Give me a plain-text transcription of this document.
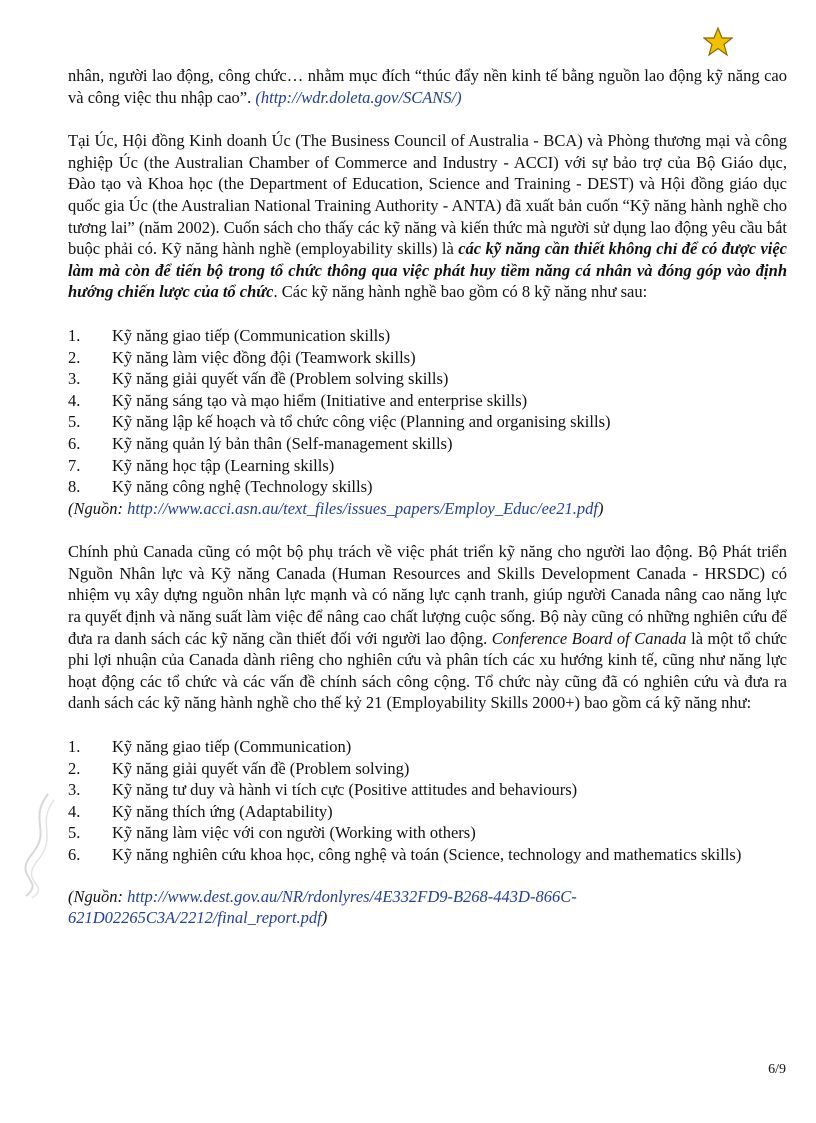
nhân, người lao động, công chức… nhằm mục đích “thúc đẩy nền kinh tế bằng nguồn lao động kỹ năng cao và công việc thu nhập cao”. (http://wdr.doleta.gov/SCANS/)

Tại Úc, Hội đồng Kinh doanh Úc (The Business Council of Australia - BCA) và Phòng thương mại và công nghiệp Úc (the Australian Chamber of Commerce and Industry - ACCI) với sự bảo trợ của Bộ Giáo dục, Đào tạo và Khoa học (the Department of Education, Science and Training - DEST) và Hội đồng giáo dục quốc gia Úc (the Australian National Training Authority - ANTA) đã xuất bản cuốn “Kỹ năng hành nghề cho tương lai” (năm 2002). Cuốn sách cho thấy các kỹ năng và kiến thức mà người sử dụng lao động yêu cầu bắt buộc phải có. Kỹ năng hành nghề (employability skills) là các kỹ năng cần thiết không chỉ để có được việc làm mà còn để tiến bộ trong tổ chức thông qua việc phát huy tiềm năng cá nhân và đóng góp vào định hướng chiến lược của tổ chức. Các kỹ năng hành nghề bao gồm có 8 kỹ năng như sau:

1.	Kỹ năng giao tiếp (Communication skills)
2.	Kỹ năng làm việc đồng đội (Teamwork skills)
3.	Kỹ năng giải quyết vấn đề (Problem solving skills)
4.	Kỹ năng sáng tạo và mạo hiểm (Initiative and enterprise skills)
5.	Kỹ năng lập kế hoạch và tổ chức công việc (Planning and organising skills)
6.	Kỹ năng quản lý bản thân (Self-management skills)
7.	Kỹ năng học tập (Learning skills)
8.	Kỹ năng công nghệ (Technology skills)

(Nguồn: http://www.acci.asn.au/text_files/issues_papers/Employ_Educ/ee21.pdf)

Chính phủ Canada cũng có một bộ phụ trách về việc phát triển kỹ năng cho người lao động. Bộ Phát triển Nguồn Nhân lực và Kỹ năng Canada (Human Resources and Skills Development Canada - HRSDC) có nhiệm vụ xây dựng nguồn nhân lực mạnh và có năng lực cạnh tranh, giúp người Canada nâng cao năng lực ra quyết định và năng suất làm việc để nâng cao chất lượng cuộc sống. Bộ này cũng có những nghiên cứu để đưa ra danh sách các kỹ năng cần thiết đối với người lao động. Conference Board of Canada là một tổ chức phi lợi nhuận của Canada dành riêng cho nghiên cứu và phân tích các xu hướng kinh tế, cũng như năng lực hoạt động các tổ chức và các vấn đề chính sách công cộng. Tổ chức này cũng đã có nghiên cứu và đưa ra danh sách các kỹ năng hành nghề cho thế kỷ 21 (Employability Skills 2000+) bao gồm cá kỹ năng như:

1.	Kỹ năng giao tiếp (Communication)
2.	Kỹ năng giải quyết vấn đề (Problem solving)
3.	Kỹ năng tư duy và hành vi tích cực (Positive attitudes and behaviours)
4.	Kỹ năng thích ứng (Adaptability)
5.	Kỹ năng làm việc với con người (Working with others)
6.	Kỹ năng nghiên cứu khoa học, công nghệ và toán (Science, technology and mathematics skills)

(Nguồn: http://www.dest.gov.au/NR/rdonlyres/4E332FD9-B268-443D-866C-621D02265C3A/2212/final_report.pdf)

6/9
